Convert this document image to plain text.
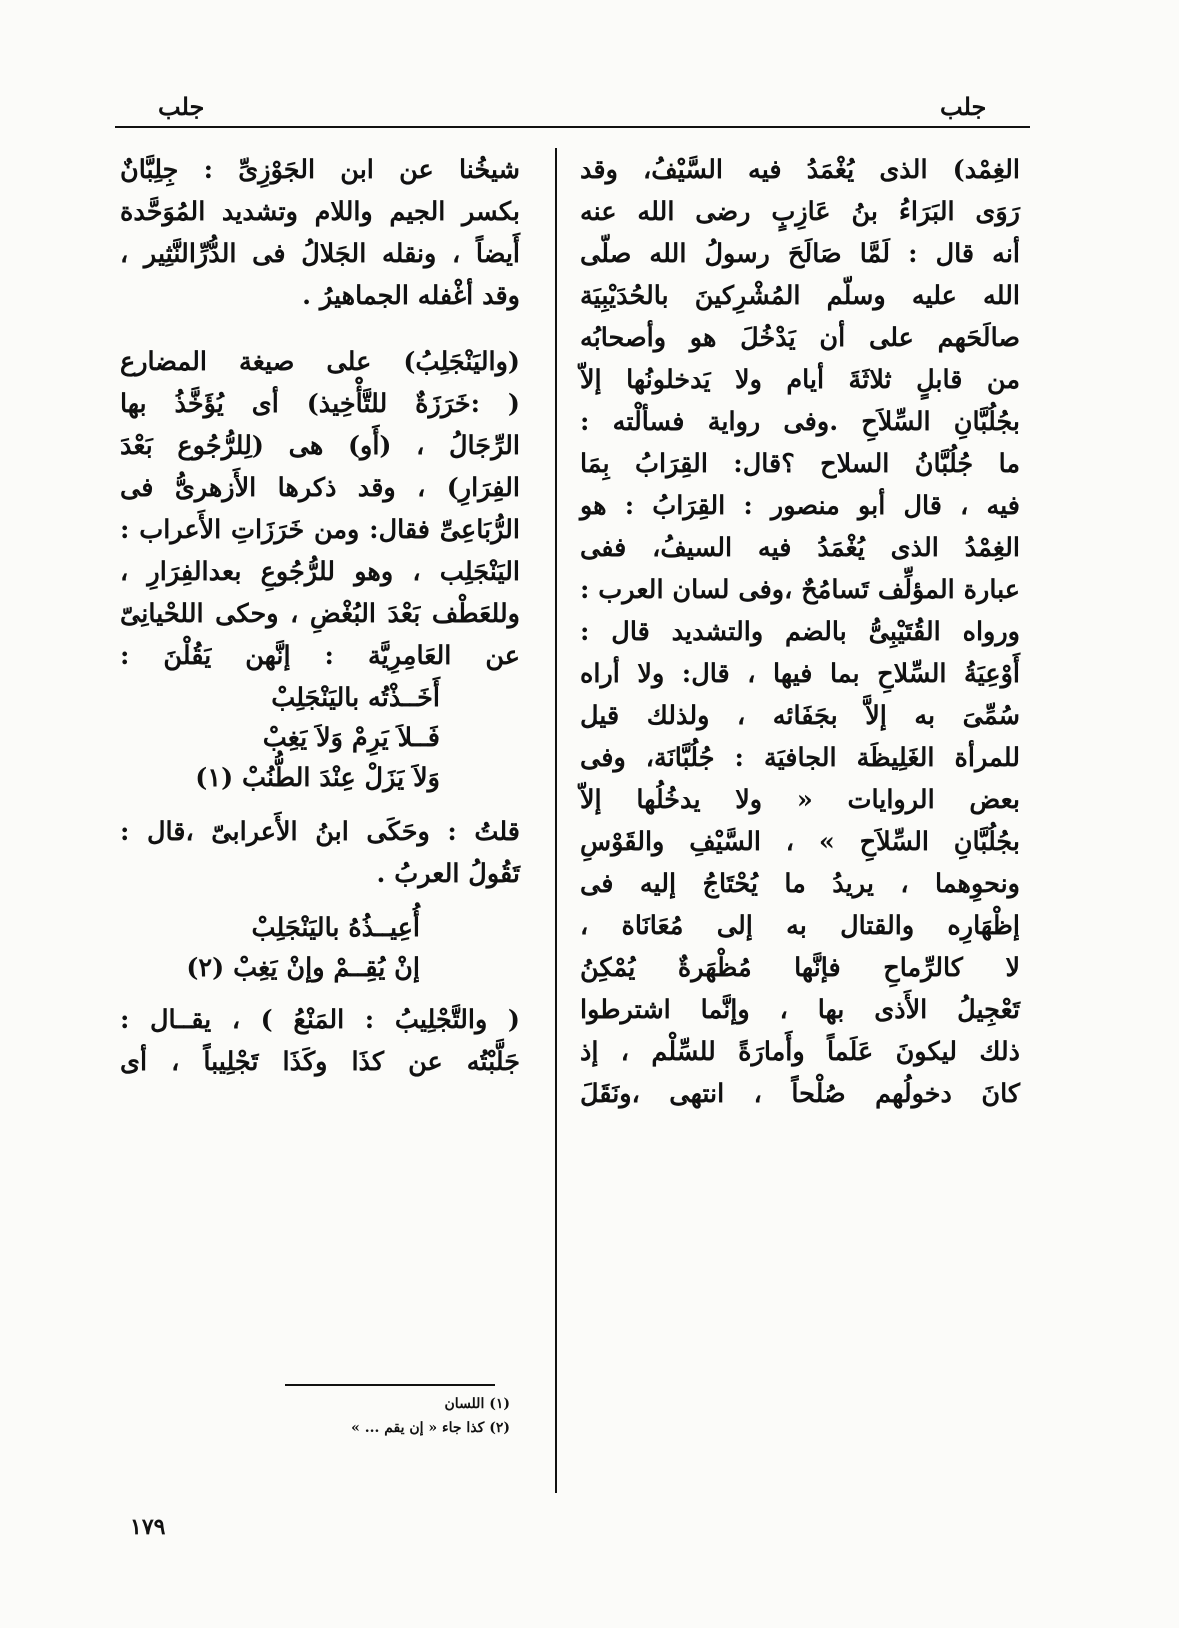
جلب	جلب
الغِمْد) الذى يُغْمَدُ فيه السَّيْفُ، وقد
رَوَى البَرَاءُ بنُ عَازِبٍ رضى الله عنه
أنه قال : لَمَّا صَالَحَ رسولُ الله صلّى
الله عليه وسلّم المُشْرِكينَ بالحُدَيْبِيَة
صالَحَهم على أن يَدْخُلَ هو وأصحابُه
من قابلٍ ثلاثَةَ أيام ولا يَدخلونُها إلاّ
بجُلُبَّانِ السِّلاَحِ .وفى رواية فسألْته :
ما جُلُبَّانُ السلاح ؟قال: القِرَابُ بِمَا
فيه ، قال أبو منصور : القِرَابُ : هو
الغِمْدُ الذى يُغْمَدُ فيه السيفُ، ففى
عبارة المؤلِّف تَسامُحٌ ،وفى لسان العرب :
ورواه القُتَيْبِىُّ بالضم والتشديد قال :
أَوْعِيَةُ السِّلاحِ بما فيها ، قال: ولا أراه
سُمِّىَ به إلاَّ بجَفَائه ، ولذلك قيل
للمرأة الغَلِيظَة الجافيَة : جُلُبَّانَة، وفى
بعض الروايات « ولا يدخُلُها إلاّ
بجُلُبَّانِ السِّلاَحِ » ، السَّيْفِ والقَوْسِ
ونحوِهما ، يريدُ ما يُحْتَاجُ إليه فى
إظْهَارِه والقتال به إلى مُعَانَاة ،
لا كالرِّماحِ فإنَّها مُظْهَرةٌ يُمْكِنُ
تَعْجِيلُ الأَذى بها ، وإنَّما اشترطوا
ذلك ليكونَ عَلَماً وأَمارَةً للسِّلْم ، إذ
كانَ دخولُهم صُلْحاً ، انتهى ،ونَقَلَ
شيخُنا عن ابن الجَوْزِىِّ : جِلِبَّانٌ
بكسر الجيم واللام وتشديد المُوَحَّدة
أَيضاً ، ونقله الجَلالُ فى الدُّرِّالنَّثِير ،
وقد أغْفله الجماهيرُ .
(واليَنْجَلِبُ) على صيغة المضارع
( :خَرَزَةٌ للتَّأْخِيذ) أى يُؤَخَّذُ بها
الرِّجَالُ ، (أَو) هى (لِلرُّجُوع بَعْدَ
الفِرَارِ) ، وقد ذكرها الأَزهرىُّ فى
الرُّبَاعِىِّ فقال: ومن خَرَزَاتِ الأَعراب :
اليَنْجَلِب ، وهو للرُّجُوعِ بعدالفِرَارِ ،
وللعَطْف بَعْدَ البُغْضِ ، وحكى اللحْيانِىّ
عن العَامِرِيَّة : إنَّهن يَقُلْنَ :
أَخَــذْتُه باليَنْجَلِبْ
فَــلاَ يَرِمْ وَلاَ يَغِبْ
وَلاَ يَزَلْ عِنْدَ الطُّنُبْ (١)
قلتُ : وحَكَى ابنُ الأَعرابىّ ،قال :
تَقُولُ العربُ .
أُعِيــذُهُ باليَنْجَلِبْ
إنْ يُقِــمْ وإنْ يَغِبْ (٢)
( والتَّجْلِيبُ : المَنْعُ ) ، يقــال :
جَلَّبْتُه عن كذَا وكَذَا تَجْلِيباً ، أى
(١) اللسان
(٢) كذا جاء « إن يقم ... »
١٧٩
